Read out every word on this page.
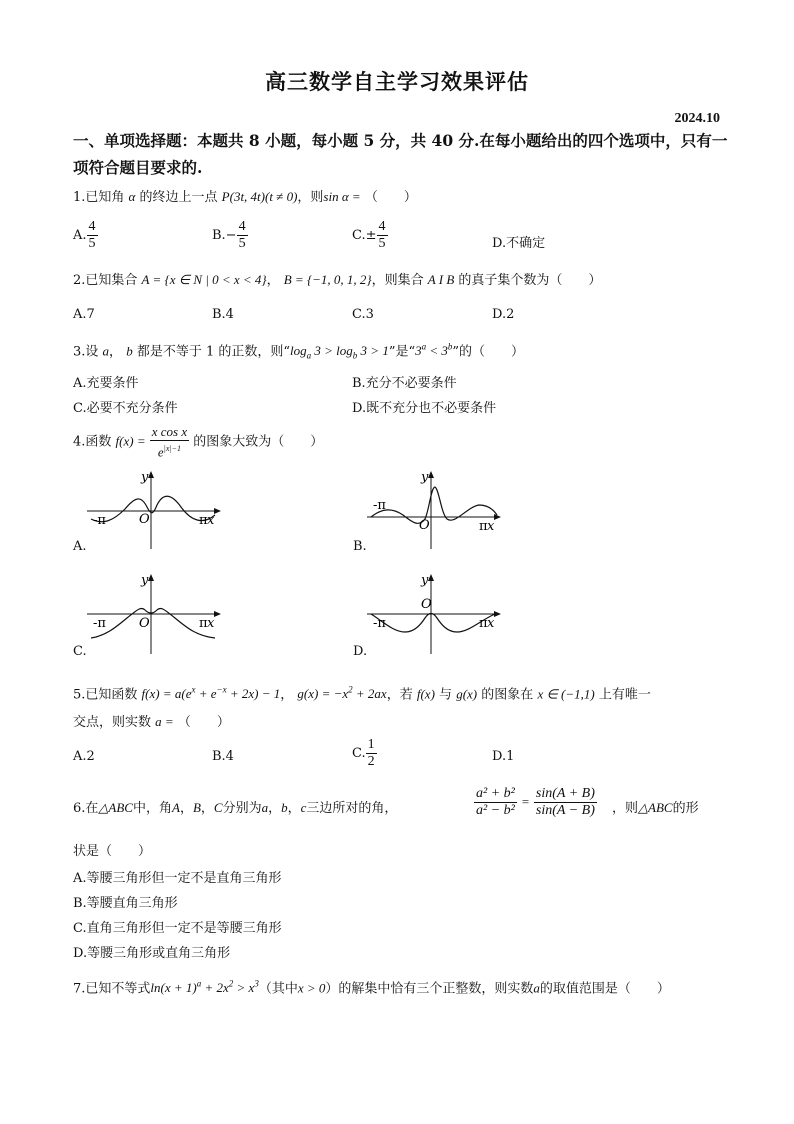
高三数学自主学习效果评估
2024.10
一、单项选择题：本题共 8 小题，每小题 5 分，共 40 分.在每小题给出的四个选项中，只有一
项符合题目要求的.
1.已知角 α 的终边上一点 P(3t, 4t)(t ≠ 0)，则sin α = （　　）
A. $\frac{4}{5}$	$B.- \frac{4}{5}$	$C.\pm \frac{4}{5}$	D.不确定
2.已知集合 A = {x ∈ N | 0 < x < 4}， B = {−1, 0, 1, 2}，则集合 A I B 的真子集个数为（　　）
A.7	B.4	C.3	D.2
3.设 a， b 都是不等于 1 的正数，则“$\log_a$ $3 > \log_b 3 > 1$”是“$3^a < 3^b$”的（　　）
A.充要条件	B.充分不必要条件
C.必要不充分条件	D.既不充分也不必要条件
4.函数 $f(x) = \frac{\text{x cos x}}{e^{|x|-1}}$ 的图象大致为（　　）
-π	π x
y
O
A.
-π
π x
y
O
B.
-π	π x
y
O
C.
-π	π x
y
O
D.
5.已知函数 $f(x) = a(e^x + e^{-x} + 2x) - 1$， $g(x) = -x^2 + 2ax$，若 f(x) 与 g(x) 的图象在 x ∈ (−1,1) 上有唯一
交点，则实数 a = （　　）
A.2	B.4	C. $\frac{1}{2}$	D.1
6.在△ABC中，角A，B，C分别为a，b，c三边所对的角，	$\frac{\text{a² + b²}}{\text{a² − b²}} = \frac{\sin(A + B)}{\sin(A - B)}$ ，则△ABC的形
状是（　　）
A.等腰三角形但一定不是直角三角形
B.等腰直角三角形
C.直角三角形但一定不是等腰三角形
D.等腰三角形或直角三角形
7.已知不等式$\ln(x + 1)^a + 2x^2 > x^3$（其中x > 0）的解集中恰有三个正整数，则实数a的取值范围是（　　）
